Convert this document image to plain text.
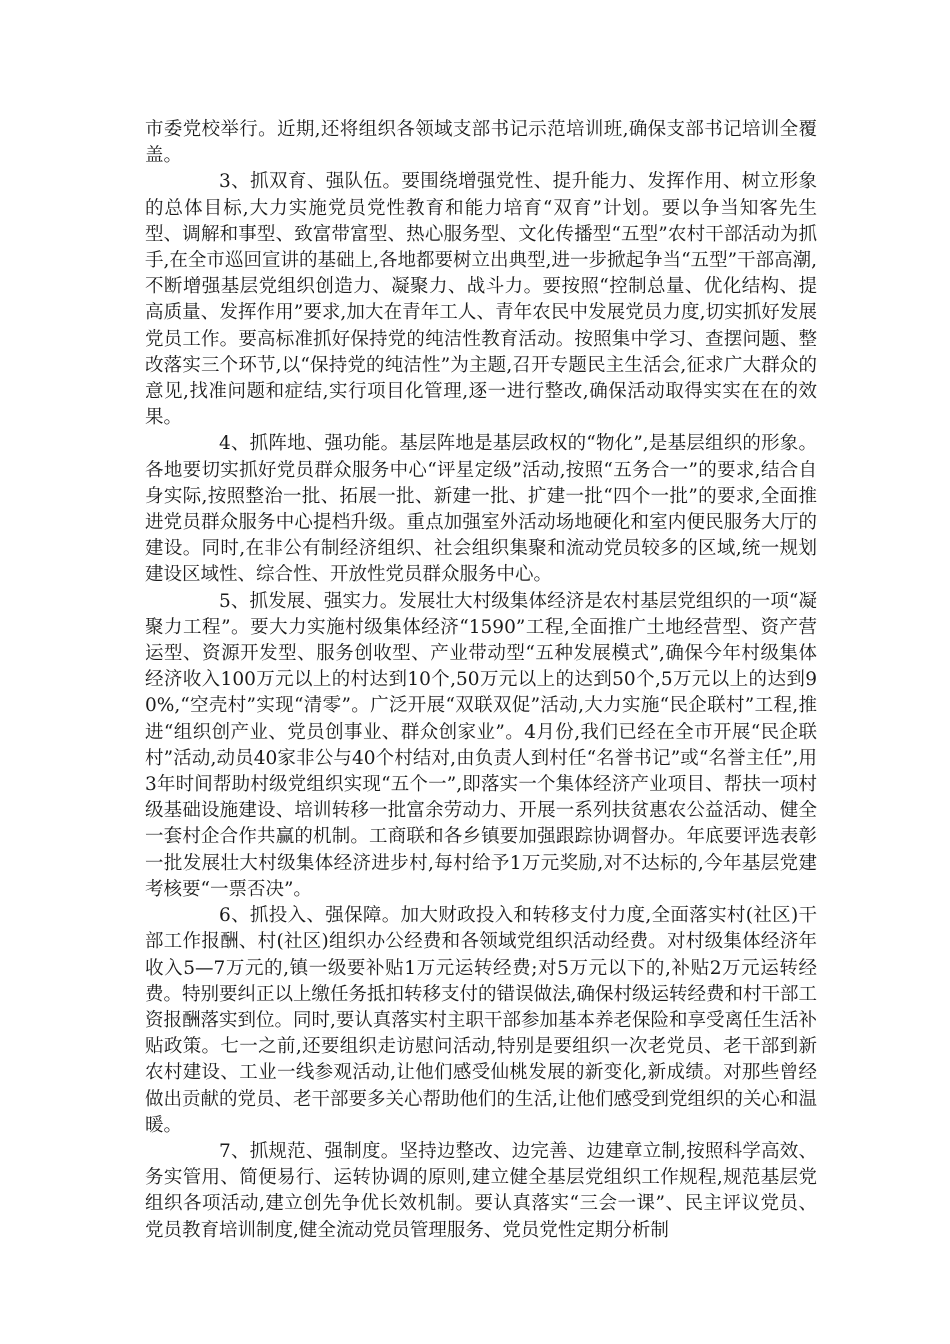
市委党校举行。近期,还将组织各领域支部书记示范培训班,确保支部书记培训全覆盖。

3、抓双育、强队伍。要围绕增强党性、提升能力、发挥作用、树立形象的总体目标,大力实施党员党性教育和能力培育“双育”计划。要以争当知客先生型、调解和事型、致富带富型、热心服务型、文化传播型“五型”农村干部活动为抓手,在全市巡回宣讲的基础上,各地都要树立出典型,进一步掀起争当“五型”干部高潮,不断增强基层党组织创造力、凝聚力、战斗力。要按照“控制总量、优化结构、提高质量、发挥作用”要求,加大在青年工人、青年农民中发展党员力度,切实抓好发展党员工作。要高标准抓好保持党的纯洁性教育活动。按照集中学习、查摆问题、整改落实三个环节,以“保持党的纯洁性”为主题,召开专题民主生活会,征求广大群众的意见,找准问题和症结,实行项目化管理,逐一进行整改,确保活动取得实实在在的效果。

4、抓阵地、强功能。基层阵地是基层政权的“物化”,是基层组织的形象。各地要切实抓好党员群众服务中心“评星定级”活动,按照“五务合一”的要求,结合自身实际,按照整治一批、拓展一批、新建一批、扩建一批“四个一批”的要求,全面推进党员群众服务中心提档升级。重点加强室外活动场地硬化和室内便民服务大厅的建设。同时,在非公有制经济组织、社会组织集聚和流动党员较多的区域,统一规划建设区域性、综合性、开放性党员群众服务中心。

5、抓发展、强实力。发展壮大村级集体经济是农村基层党组织的一项“凝聚力工程”。要大力实施村级集体经济“1590”工程,全面推广土地经营型、资产营运型、资源开发型、服务创收型、产业带动型“五种发展模式”,确保今年村级集体经济收入100万元以上的村达到10个,50万元以上的达到50个,5万元以上的达到90%,“空壳村”实现“清零”。广泛开展“双联双促”活动,大力实施“民企联村”工程,推进“组织创产业、党员创事业、群众创家业”。4月份,我们已经在全市开展“民企联村”活动,动员40家非公与40个村结对,由负责人到村任“名誉书记”或“名誉主任”,用3年时间帮助村级党组织实现“五个一”,即落实一个集体经济产业项目、帮扶一项村级基础设施建设、培训转移一批富余劳动力、开展一系列扶贫惠农公益活动、健全一套村企合作共赢的机制。工商联和各乡镇要加强跟踪协调督办。年底要评选表彰一批发展壮大村级集体经济进步村,每村给予1万元奖励,对不达标的,今年基层党建考核要“一票否决”。

6、抓投入、强保障。加大财政投入和转移支付力度,全面落实村(社区)干部工作报酬、村(社区)组织办公经费和各领域党组织活动经费。对村级集体经济年收入5—7万元的,镇一级要补贴1万元运转经费;对5万元以下的,补贴2万元运转经费。特别要纠正以上缴任务抵扣转移支付的错误做法,确保村级运转经费和村干部工资报酬落实到位。同时,要认真落实村主职干部参加基本养老保险和享受离任生活补贴政策。七一之前,还要组织走访慰问活动,特别是要组织一次老党员、老干部到新农村建设、工业一线参观活动,让他们感受仙桃发展的新变化,新成绩。对那些曾经做出贡献的党员、老干部要多关心帮助他们的生活,让他们感受到党组织的关心和温暖。

7、抓规范、强制度。坚持边整改、边完善、边建章立制,按照科学高效、务实管用、简便易行、运转协调的原则,建立健全基层党组织工作规程,规范基层党组织各项活动,建立创先争优长效机制。要认真落实“三会一课”、民主评议党员、党员教育培训制度,健全流动党员管理服务、党员党性定期分析制
